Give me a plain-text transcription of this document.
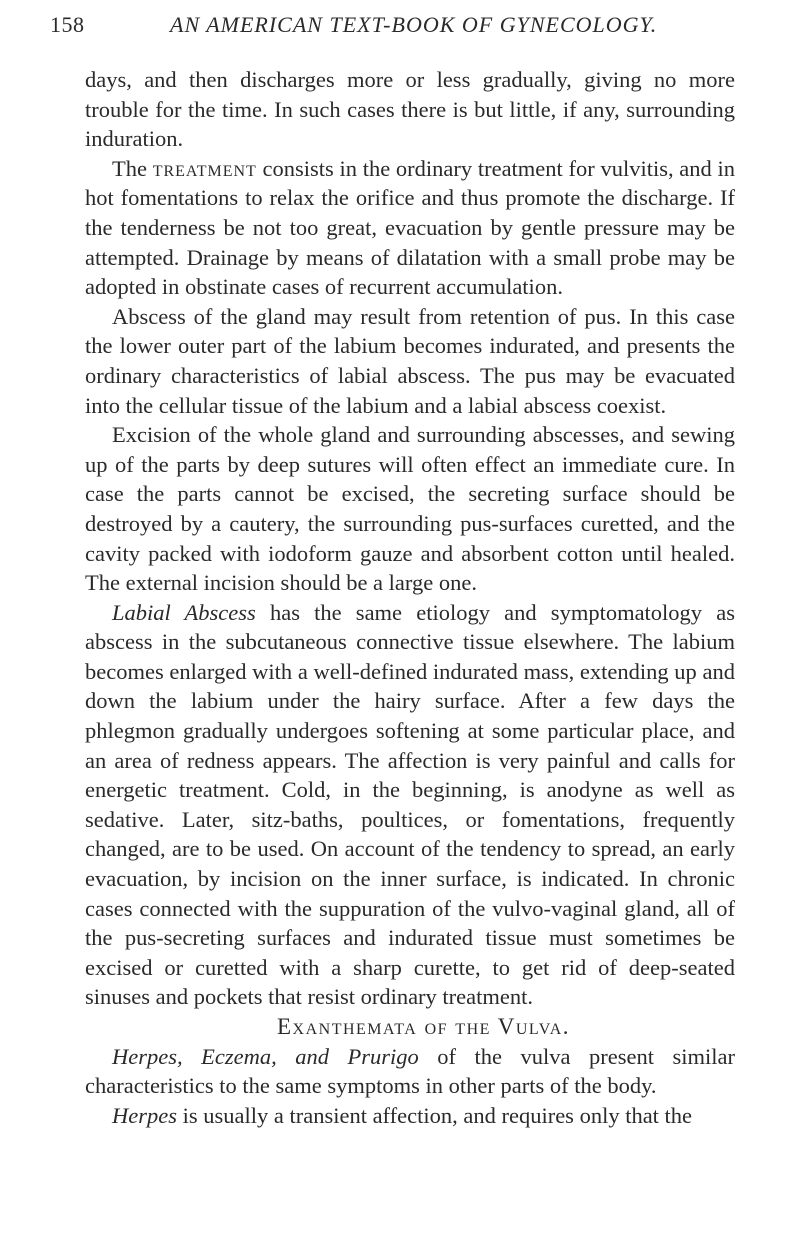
158	AN AMERICAN TEXT-BOOK OF GYNECOLOGY.

days, and then discharges more or less gradually, giving no more trouble for the time. In such cases there is but little, if any, surrounding induration.

The treatment consists in the ordinary treatment for vulvitis, and in hot fomentations to relax the orifice and thus promote the discharge. If the tenderness be not too great, evacuation by gentle pressure may be attempted. Drainage by means of dilatation with a small probe may be adopted in obstinate cases of recurrent accumulation.

Abscess of the gland may result from retention of pus. In this case the lower outer part of the labium becomes indurated, and presents the ordinary characteristics of labial abscess. The pus may be evacuated into the cellular tissue of the labium and a labial abscess coexist.

Excision of the whole gland and surrounding abscesses, and sewing up of the parts by deep sutures will often effect an immediate cure. In case the parts cannot be excised, the secreting surface should be destroyed by a cautery, the surrounding pus-surfaces curetted, and the cavity packed with iodoform gauze and absorbent cotton until healed. The external incision should be a large one.

Labial Abscess has the same etiology and symptomatology as abscess in the subcutaneous connective tissue elsewhere. The labium becomes enlarged with a well-defined indurated mass, extending up and down the labium under the hairy surface. After a few days the phlegmon gradually undergoes softening at some particular place, and an area of redness appears. The affection is very painful and calls for energetic treatment. Cold, in the beginning, is anodyne as well as sedative. Later, sitz-baths, poultices, or fomentations, frequently changed, are to be used. On account of the tendency to spread, an early evacuation, by incision on the inner surface, is indicated. In chronic cases connected with the suppuration of the vulvo-vaginal gland, all of the pus-secreting surfaces and indurated tissue must sometimes be excised or curetted with a sharp curette, to get rid of deep-seated sinuses and pockets that resist ordinary treatment.

Exanthemata of the Vulva.

Herpes, Eczema, and Prurigo of the vulva present similar characteristics to the same symptoms in other parts of the body.

Herpes is usually a transient affection, and requires only that the
